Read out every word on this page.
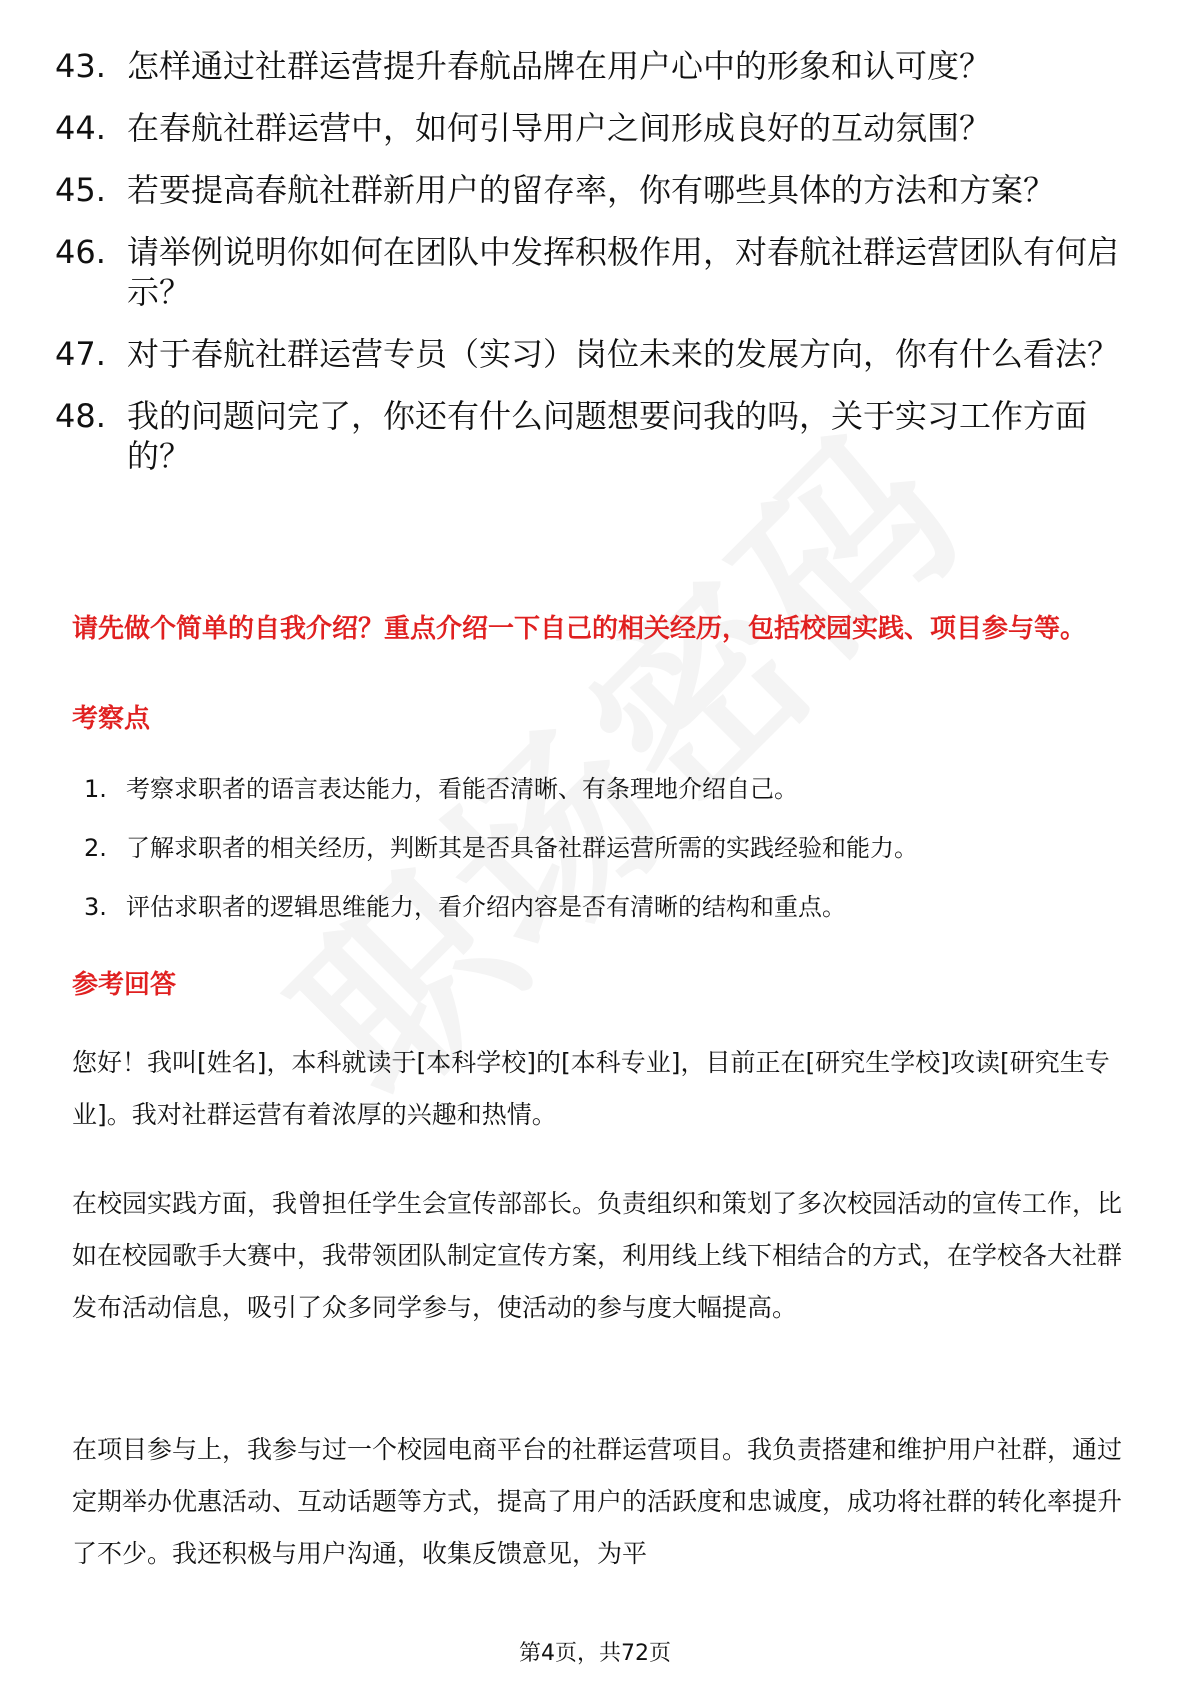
43. 怎样通过社群运营提升春航品牌在用户心中的形象和认可度？
44. 在春航社群运营中，如何引导用户之间形成良好的互动氛围？
45. 若要提高春航社群新用户的留存率，你有哪些具体的方法和方案？
46. 请举例说明你如何在团队中发挥积极作用，对春航社群运营团队有何启示？
47. 对于春航社群运营专员（实习）岗位未来的发展方向，你有什么看法？
48. 我的问题问完了，你还有什么问题想要问我的吗，关于实习工作方面的？
请先做个简单的自我介绍？重点介绍一下自己的相关经历，包括校园实践、项目参与等。
考察点
1. 考察求职者的语言表达能力，看能否清晰、有条理地介绍自己。
2. 了解求职者的相关经历，判断其是否具备社群运营所需的实践经验和能力。
3. 评估求职者的逻辑思维能力，看介绍内容是否有清晰的结构和重点。
参考回答
您好！我叫[姓名]，本科就读于[本科学校]的[本科专业]，目前正在[研究生学校]攻读[研究生专业]。我对社群运营有着浓厚的兴趣和热情。
在校园实践方面，我曾担任学生会宣传部部长。负责组织和策划了多次校园活动的宣传工作，比如在校园歌手大赛中，我带领团队制定宣传方案，利用线上线下相结合的方式，在学校各大社群发布活动信息，吸引了众多同学参与，使活动的参与度大幅提高。
在项目参与上，我参与过一个校园电商平台的社群运营项目。我负责搭建和维护用户社群，通过定期举办优惠活动、互动话题等方式，提高了用户的活跃度和忠诚度，成功将社群的转化率提升了不少。我还积极与用户沟通，收集反馈意见，为平
第4页，共72页
